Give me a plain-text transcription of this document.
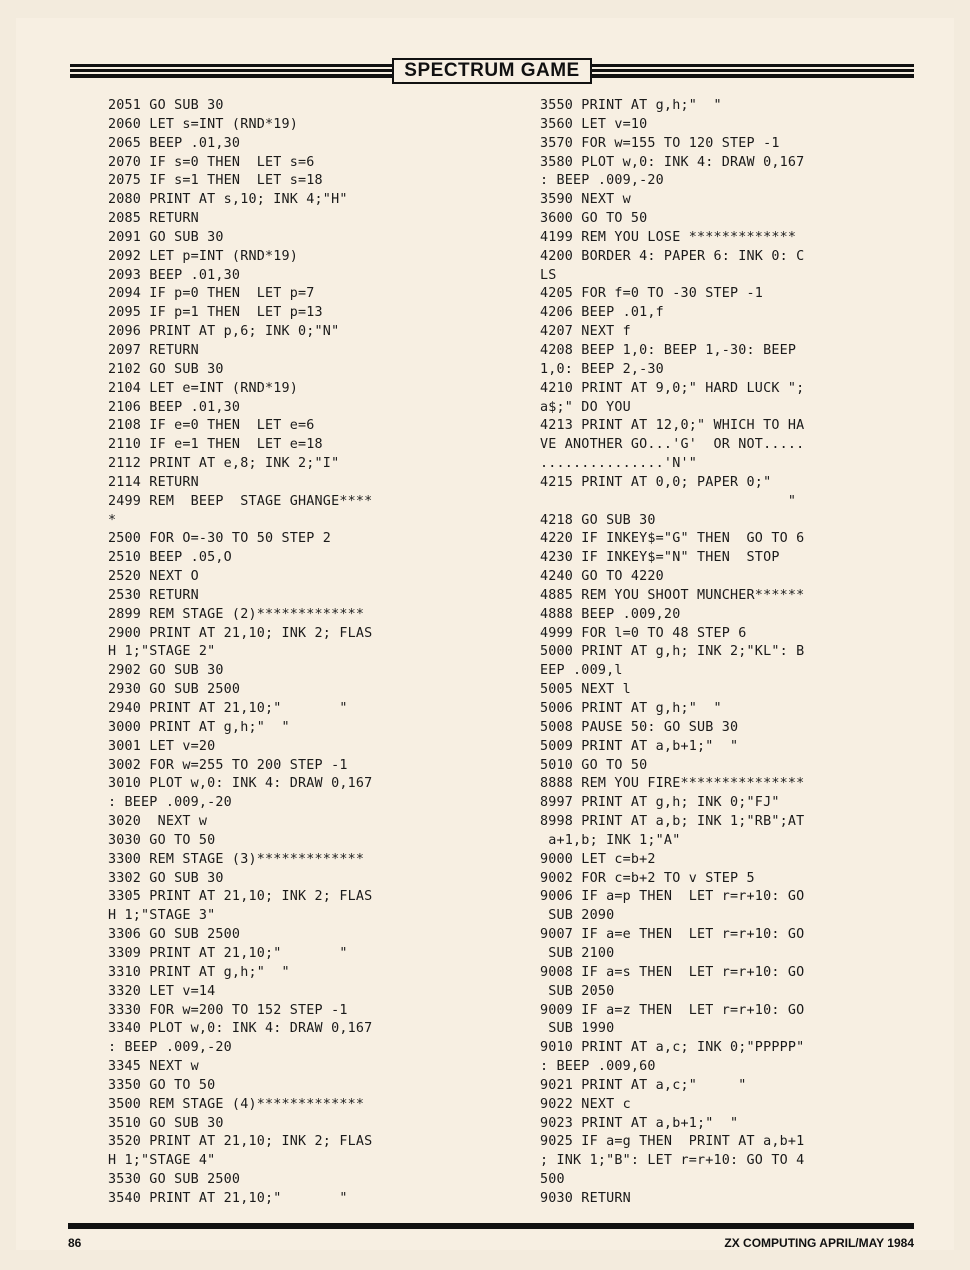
SPECTRUM GAME
2051 GO SUB 30
2060 LET s=INT (RND*19)
2065 BEEP .01,30
2070 IF s=0 THEN  LET s=6
2075 IF s=1 THEN  LET s=18
2080 PRINT AT s,10; INK 4;"H"
2085 RETURN
2091 GO SUB 30
2092 LET p=INT (RND*19)
2093 BEEP .01,30
2094 IF p=0 THEN  LET p=7
2095 IF p=1 THEN  LET p=13
2096 PRINT AT p,6; INK 0;"N"
2097 RETURN
2102 GO SUB 30
2104 LET e=INT (RND*19)
2106 BEEP .01,30
2108 IF e=0 THEN  LET e=6
2110 IF e=1 THEN  LET e=18
2112 PRINT AT e,8; INK 2;"I"
2114 RETURN
2499 REM  BEEP  STAGE GHANGE****
*
2500 FOR O=-30 TO 50 STEP 2
2510 BEEP .05,O
2520 NEXT O
2530 RETURN
2899 REM STAGE (2)*************
2900 PRINT AT 21,10; INK 2; FLAS
H 1;"STAGE 2"
2902 GO SUB 30
2930 GO SUB 2500
2940 PRINT AT 21,10;"       "
3000 PRINT AT g,h;"  "
3001 LET v=20
3002 FOR w=255 TO 200 STEP -1
3010 PLOT w,0: INK 4: DRAW 0,167
: BEEP .009,-20
3020  NEXT w
3030 GO TO 50
3300 REM STAGE (3)*************
3302 GO SUB 30
3305 PRINT AT 21,10; INK 2; FLAS
H 1;"STAGE 3"
3306 GO SUB 2500
3309 PRINT AT 21,10;"       "
3310 PRINT AT g,h;"  "
3320 LET v=14
3330 FOR w=200 TO 152 STEP -1
3340 PLOT w,0: INK 4: DRAW 0,167
: BEEP .009,-20
3345 NEXT w
3350 GO TO 50
3500 REM STAGE (4)*************
3510 GO SUB 30
3520 PRINT AT 21,10; INK 2; FLAS
H 1;"STAGE 4"
3530 GO SUB 2500
3540 PRINT AT 21,10;"       "
3550 PRINT AT g,h;"  "
3560 LET v=10
3570 FOR w=155 TO 120 STEP -1
3580 PLOT w,0: INK 4: DRAW 0,167
: BEEP .009,-20
3590 NEXT w
3600 GO TO 50
4199 REM YOU LOSE *************
4200 BORDER 4: PAPER 6: INK 0: C
LS
4205 FOR f=0 TO -30 STEP -1
4206 BEEP .01,f
4207 NEXT f
4208 BEEP 1,0: BEEP 1,-30: BEEP
1,0: BEEP 2,-30
4210 PRINT AT 9,0;" HARD LUCK ";
a$;" DO YOU
4213 PRINT AT 12,0;" WHICH TO HA
VE ANOTHER GO...'G'  OR NOT.....
...............'N'"
4215 PRINT AT 0,0; PAPER 0;"
"
4218 GO SUB 30
4220 IF INKEY$="G" THEN  GO TO 6
4230 IF INKEY$="N" THEN  STOP
4240 GO TO 4220
4885 REM YOU SHOOT MUNCHER******
4888 BEEP .009,20
4999 FOR l=0 TO 48 STEP 6
5000 PRINT AT g,h; INK 2;"KL": B
EEP .009,l
5005 NEXT l
5006 PRINT AT g,h;"  "
5008 PAUSE 50: GO SUB 30
5009 PRINT AT a,b+1;"  "
5010 GO TO 50
8888 REM YOU FIRE***************
8997 PRINT AT g,h; INK 0;"FJ"
8998 PRINT AT a,b; INK 1;"RB";AT
a+1,b; INK 1;"A"
9000 LET c=b+2
9002 FOR c=b+2 TO v STEP 5
9006 IF a=p THEN  LET r=r+10: GO
SUB 2090
9007 IF a=e THEN  LET r=r+10: GO
SUB 2100
9008 IF a=s THEN  LET r=r+10: GO
SUB 2050
9009 IF a=z THEN  LET r=r+10: GO
SUB 1990
9010 PRINT AT a,c; INK 0;"PPPPP"
: BEEP .009,60
9021 PRINT AT a,c;"     "
9022 NEXT c
9023 PRINT AT a,b+1;"  "
9025 IF a=g THEN  PRINT AT a,b+1
; INK 1;"B": LET r=r+10: GO TO 4
500
9030 RETURN
86	ZX COMPUTING APRIL/MAY 1984
